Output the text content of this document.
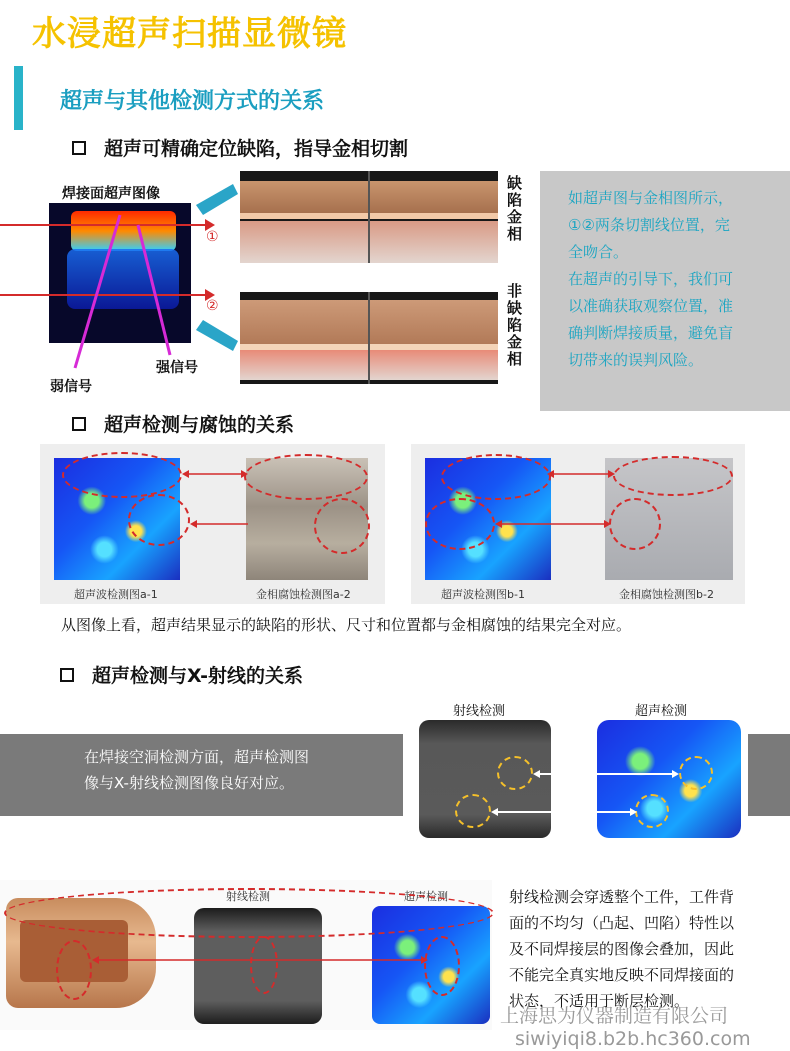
水浸超声扫描显微镜
超声与其他检测方式的关系
超声可精确定位缺陷，指导金相切割
焊接面超声图像
①
②
弱信号
强信号
缺陷金相
非缺陷金相

如超声图与金相图所示，

①②两条切割线位置，完

全吻合。

在超声的引导下，我们可

以准确获取观察位置，准

确判断焊接质量，避免盲

切带来的误判风险。

超声检测与腐蚀的关系
超声波检测图a-1	金相腐蚀检测图a-2	超声波检测图b-1	金相腐蚀检测图b-2
从图像上看，超声结果显示的缺陷的形状、尺寸和位置都与金相腐蚀的结果完全对应。
超声检测与X-射线的关系
在焊接空洞检测方面，超声检测图
像与X-射线检测图像良好对应。
射线检测	超声检测
射线检测	超声检测	射线检测会穿透整个工件，工件背
面的不均匀（凸起、凹陷）特性以
及不同焊接层的图像会叠加，因此
不能完全真实地反映不同焊接面的
状态，不适用于断层检测。
上海思为仪器制造有限公司
siwiyiqi8.b2b.hc360.com
